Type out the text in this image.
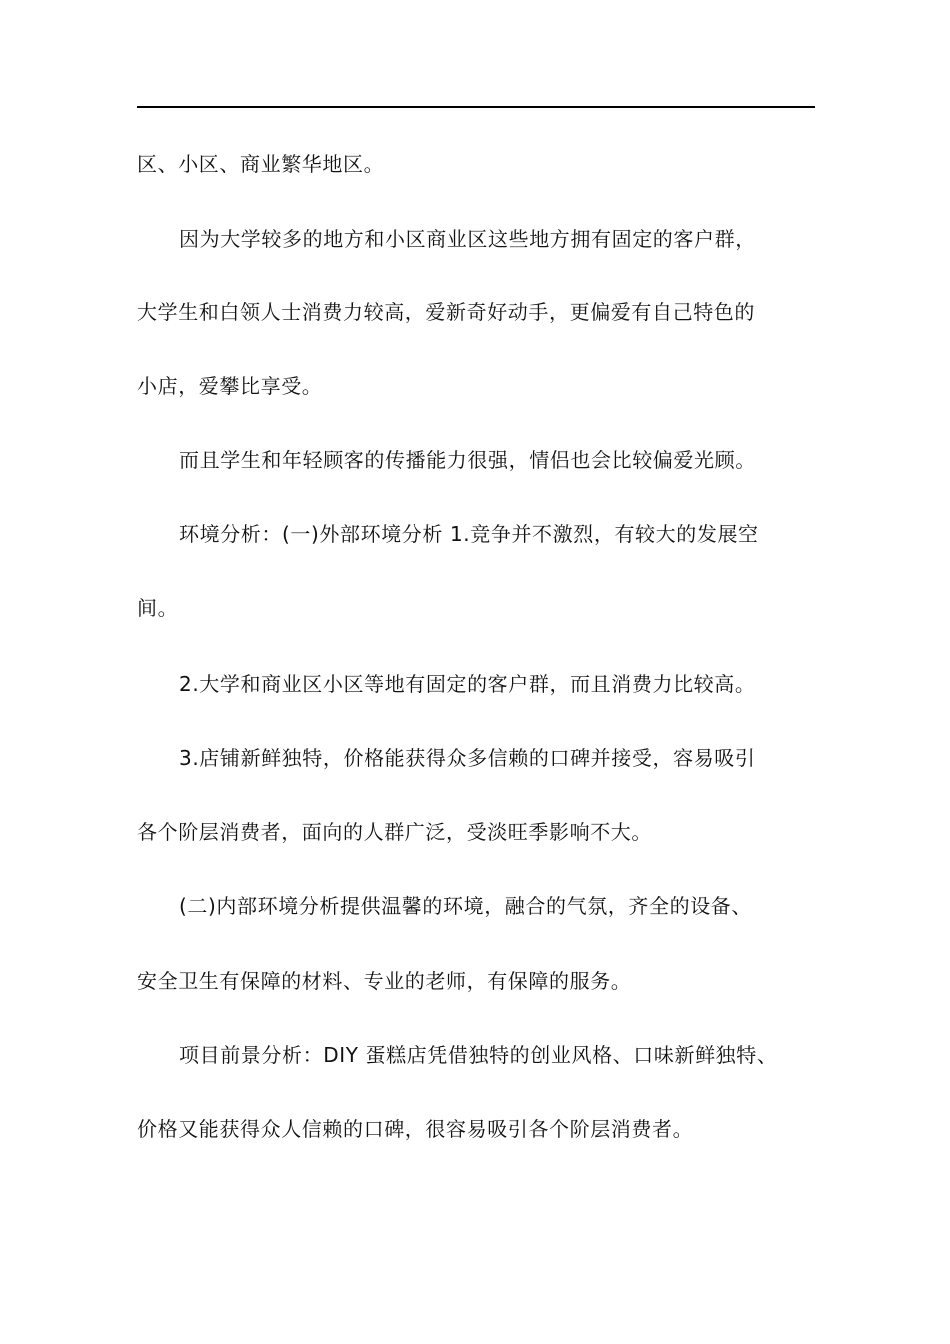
区、小区、商业繁华地区。
因为大学较多的地方和小区商业区这些地方拥有固定的客户群，
大学生和白领人士消费力较高，爱新奇好动手，更偏爱有自己特色的
小店，爱攀比享受。
而且学生和年轻顾客的传播能力很强，情侣也会比较偏爱光顾。
环境分析：(一)外部环境分析 1.竞争并不激烈，有较大的发展空
间。
2.大学和商业区小区等地有固定的客户群，而且消费力比较高。
3.店铺新鲜独特，价格能获得众多信赖的口碑并接受，容易吸引
各个阶层消费者，面向的人群广泛，受淡旺季影响不大。
(二)内部环境分析提供温馨的环境，融合的气氛，齐全的设备、
安全卫生有保障的材料、专业的老师，有保障的服务。
项目前景分析：DIY 蛋糕店凭借独特的创业风格、口味新鲜独特、
价格又能获得众人信赖的口碑，很容易吸引各个阶层消费者。
